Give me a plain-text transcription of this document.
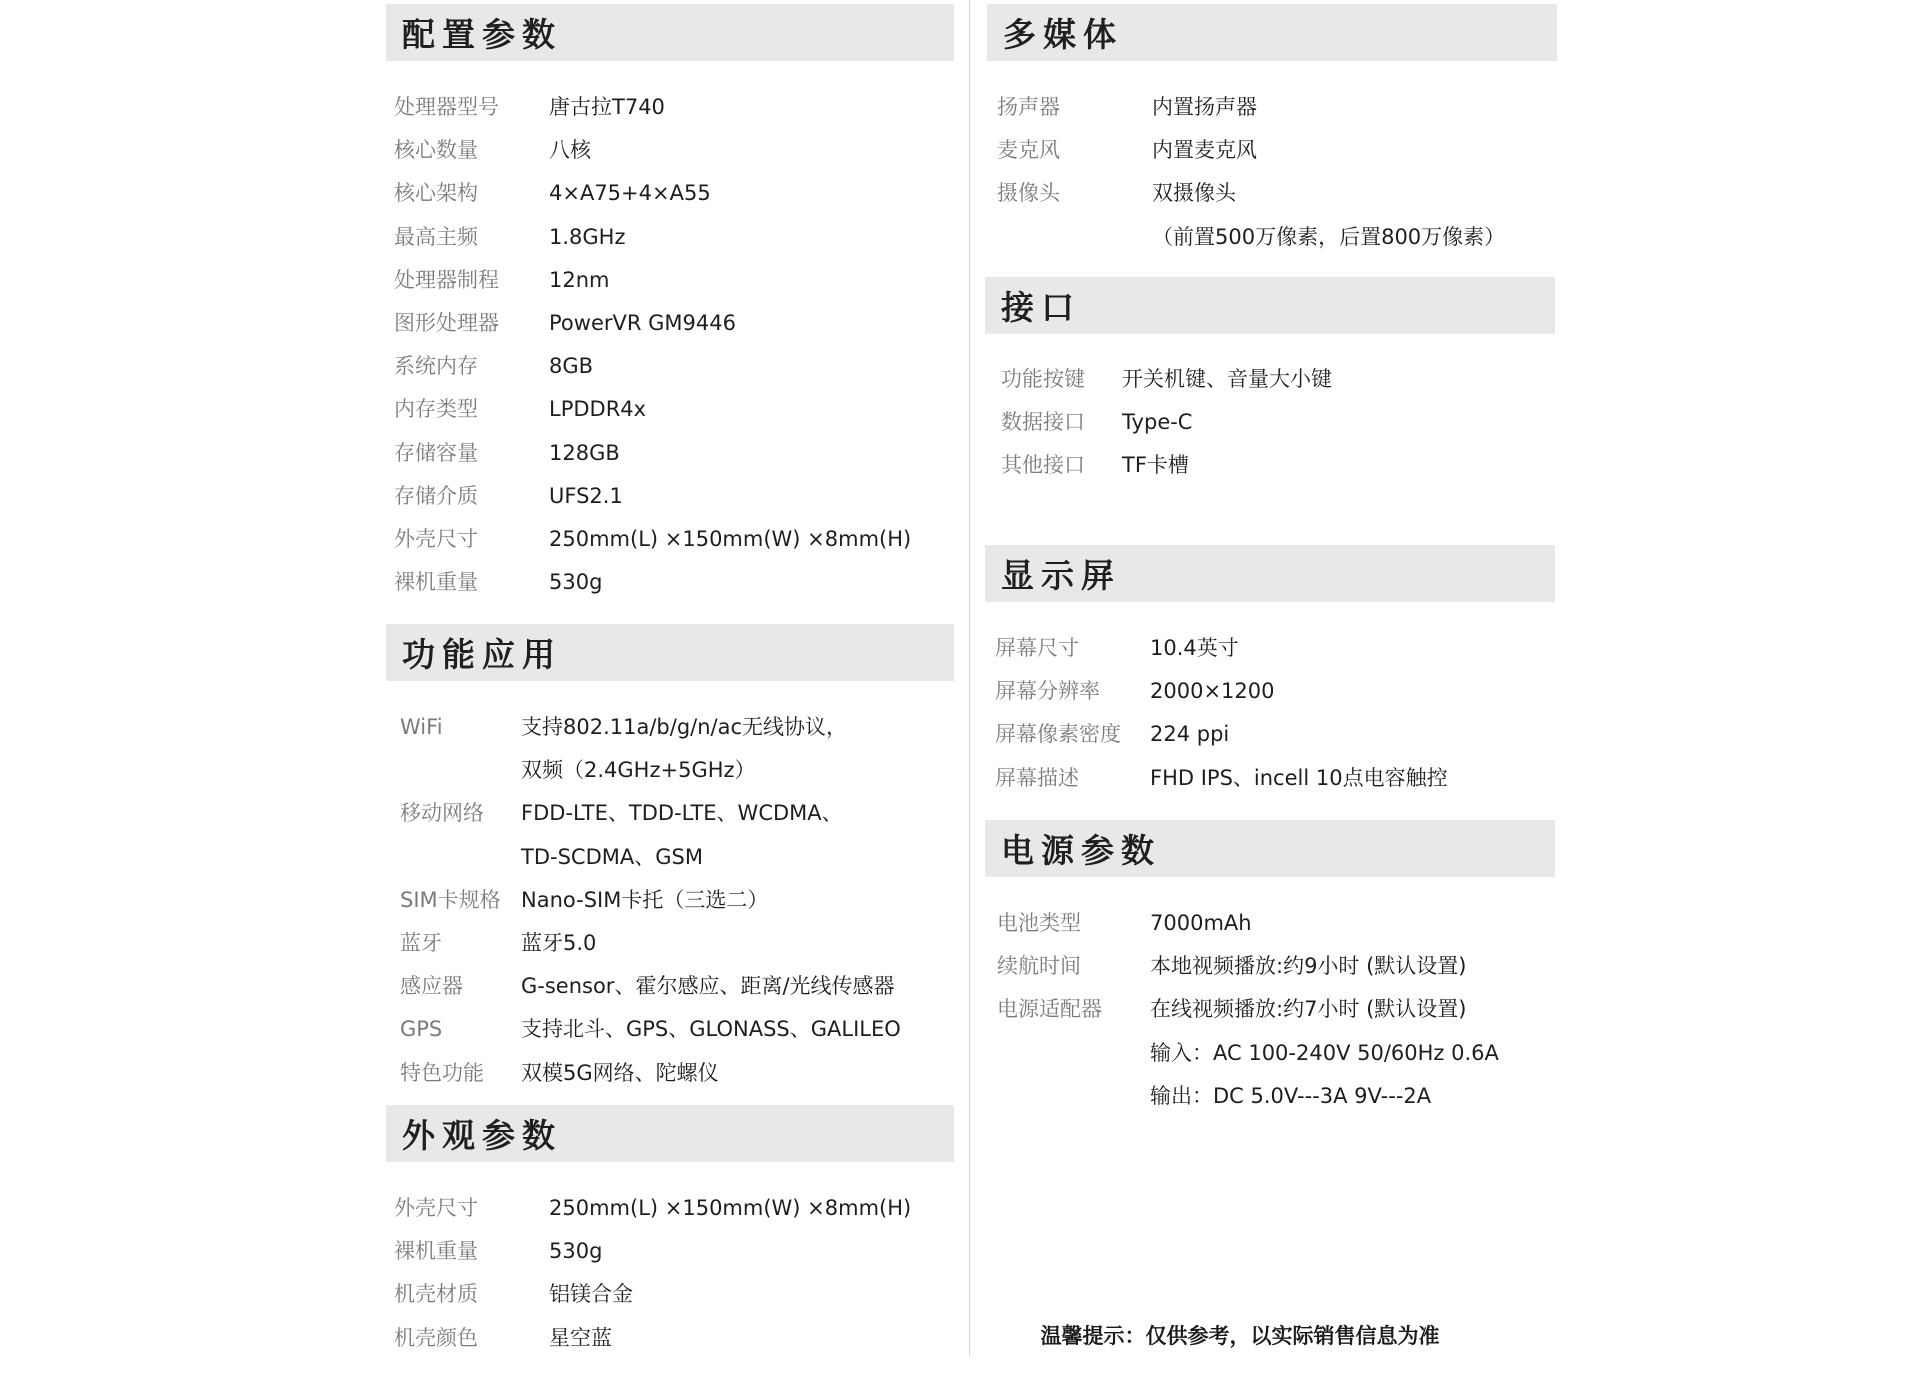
配置参数
处理器型号 唐古拉T740
核心数量	八核
核心架构	4×A75+4×A55
最高主频	1.8GHz
处理器制程 12nm
图形处理器 PowerVR GM9446
系统内存	8GB
内存类型	LPDDR4x
存储容量	128GB
存储介质	UFS2.1
外壳尺寸	250mm(L) ×150mm(W) ×8mm(H)
裸机重量	530g
功能应用
WiFi	支持802.11a/b/g/n/ac无线协议，
双频（2.4GHz+5GHz）
移动网络 FDD-LTE、TDD-LTE、WCDMA、
TD-SCDMA、GSM
SIM卡规格 Nano-SIM卡托（三选二）
蓝牙	蓝牙5.0
感应器	G-sensor、霍尔感应、距离/光线传感器
GPS	支持北斗、GPS、GLONASS、GALILEO
特色功能 双模5G网络、陀螺仪
外观参数
外壳尺寸	250mm(L) ×150mm(W) ×8mm(H)
裸机重量	530g
机壳材质	铝镁合金
机壳颜色	星空蓝
多媒体
扬声器	内置扬声器
麦克风	内置麦克风
摄像头	双摄像头
（前置500万像素，后置800万像素）
接口
功能按键 开关机键、音量大小键
数据接口 Type-C
其他接口 TF卡槽
显示屏
屏幕尺寸	10.4英寸
屏幕分辨率 2000×1200
屏幕像素密度 224 ppi
屏幕描述	FHD IPS、incell 10点电容触控
电源参数
电池类型	7000mAh
续航时间	本地视频播放:约9小时 (默认设置)
电源适配器 在线视频播放:约7小时 (默认设置)
输入：AC 100-240V 50/60Hz 0.6A
输出：DC 5.0V---3A 9V---2A
温馨提示：仅供参考，以实际销售信息为准
